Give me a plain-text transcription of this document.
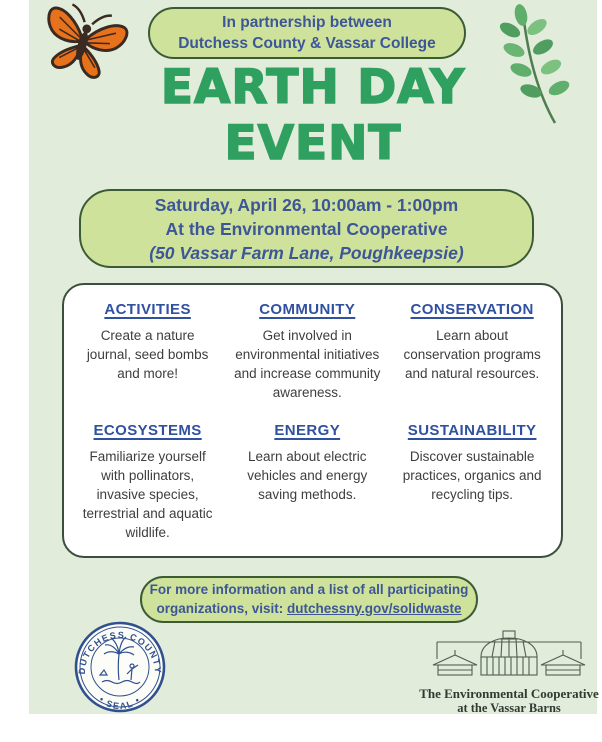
In partnership between
Dutchess County & Vassar College
EARTH DAY
EVENT
Saturday, April 26, 10:00am - 1:00pm
At the Environmental Cooperative
(50 Vassar Farm Lane, Poughkeepsie)
ACTIVITIES
Create a nature journal, seed bombs and more!
COMMUNITY
Get involved in environmental initiatives and increase community awareness.
CONSERVATION
Learn about conservation programs and natural resources.
ECOSYSTEMS
Familiarize yourself with pollinators, invasive species, terrestrial and aquatic wildlife.
ENERGY
Learn about electric vehicles and energy saving methods.
SUSTAINABILITY
Discover sustainable practices, organics and recycling tips.
For more information and a list of all participating
organizations, visit: dutchessny.gov/solidwaste
DUTCHESS COUNTY
• SEAL •	The Environmental Cooperative
at the Vassar Barns
